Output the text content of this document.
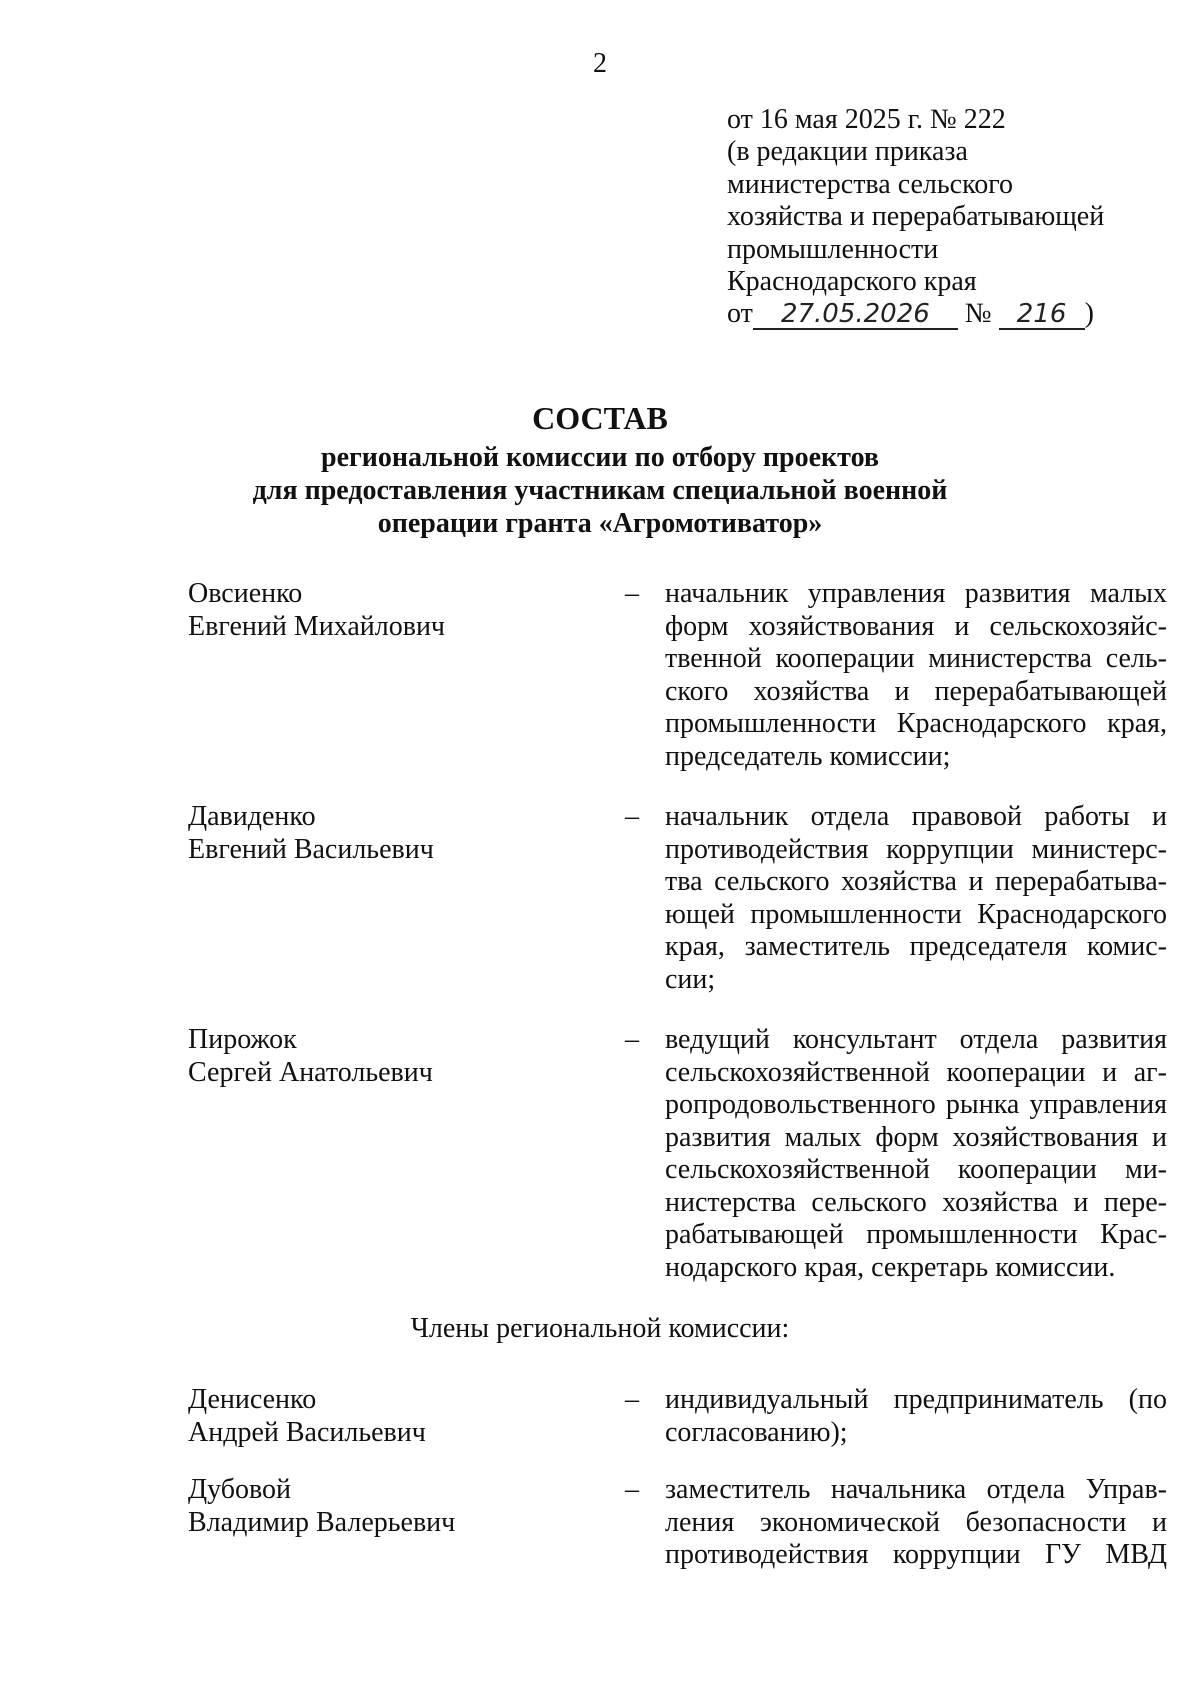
2
от 16 мая 2025 г. № 222
(в редакции приказа
министерства сельского
хозяйства и перерабатывающей
промышленности
Краснодарского края
от 27.05.2026 № 216 )
СОСТАВ
региональной комиссии по отбору проектов
для предоставления участникам специальной военной
операции гранта «Агромотиватор»
Овсиенко
Евгений Михайлович
– начальник управления развития малых
форм хозяйствования и сельскохозяйс-
твенной кооперации министерства сель-
ского хозяйства и перерабатывающей
промышленности Краснодарского края,
председатель комиссии;
Давиденко
Евгений Васильевич
– начальник отдела правовой работы и
противодействия коррупции министерс-
тва сельского хозяйства и перерабатыва-
ющей промышленности Краснодарского
края, заместитель председателя комис-
сии;
Пирожок
Сергей Анатольевич
– ведущий консультант отдела развития
сельскохозяйственной кооперации и аг-
ропродовольственного рынка управления
развития малых форм хозяйствования и
сельскохозяйственной кооперации ми-
нистерства сельского хозяйства и пере-
рабатывающей промышленности Крас-
нодарского края, секретарь комиссии.
Члены региональной комиссии:
Денисенко
Андрей Васильевич
– индивидуальный предприниматель (по
согласованию);
Дубовой
Владимир Валерьевич
– заместитель начальника отдела Управ-
ления экономической безопасности и
противодействия коррупции ГУ МВД
